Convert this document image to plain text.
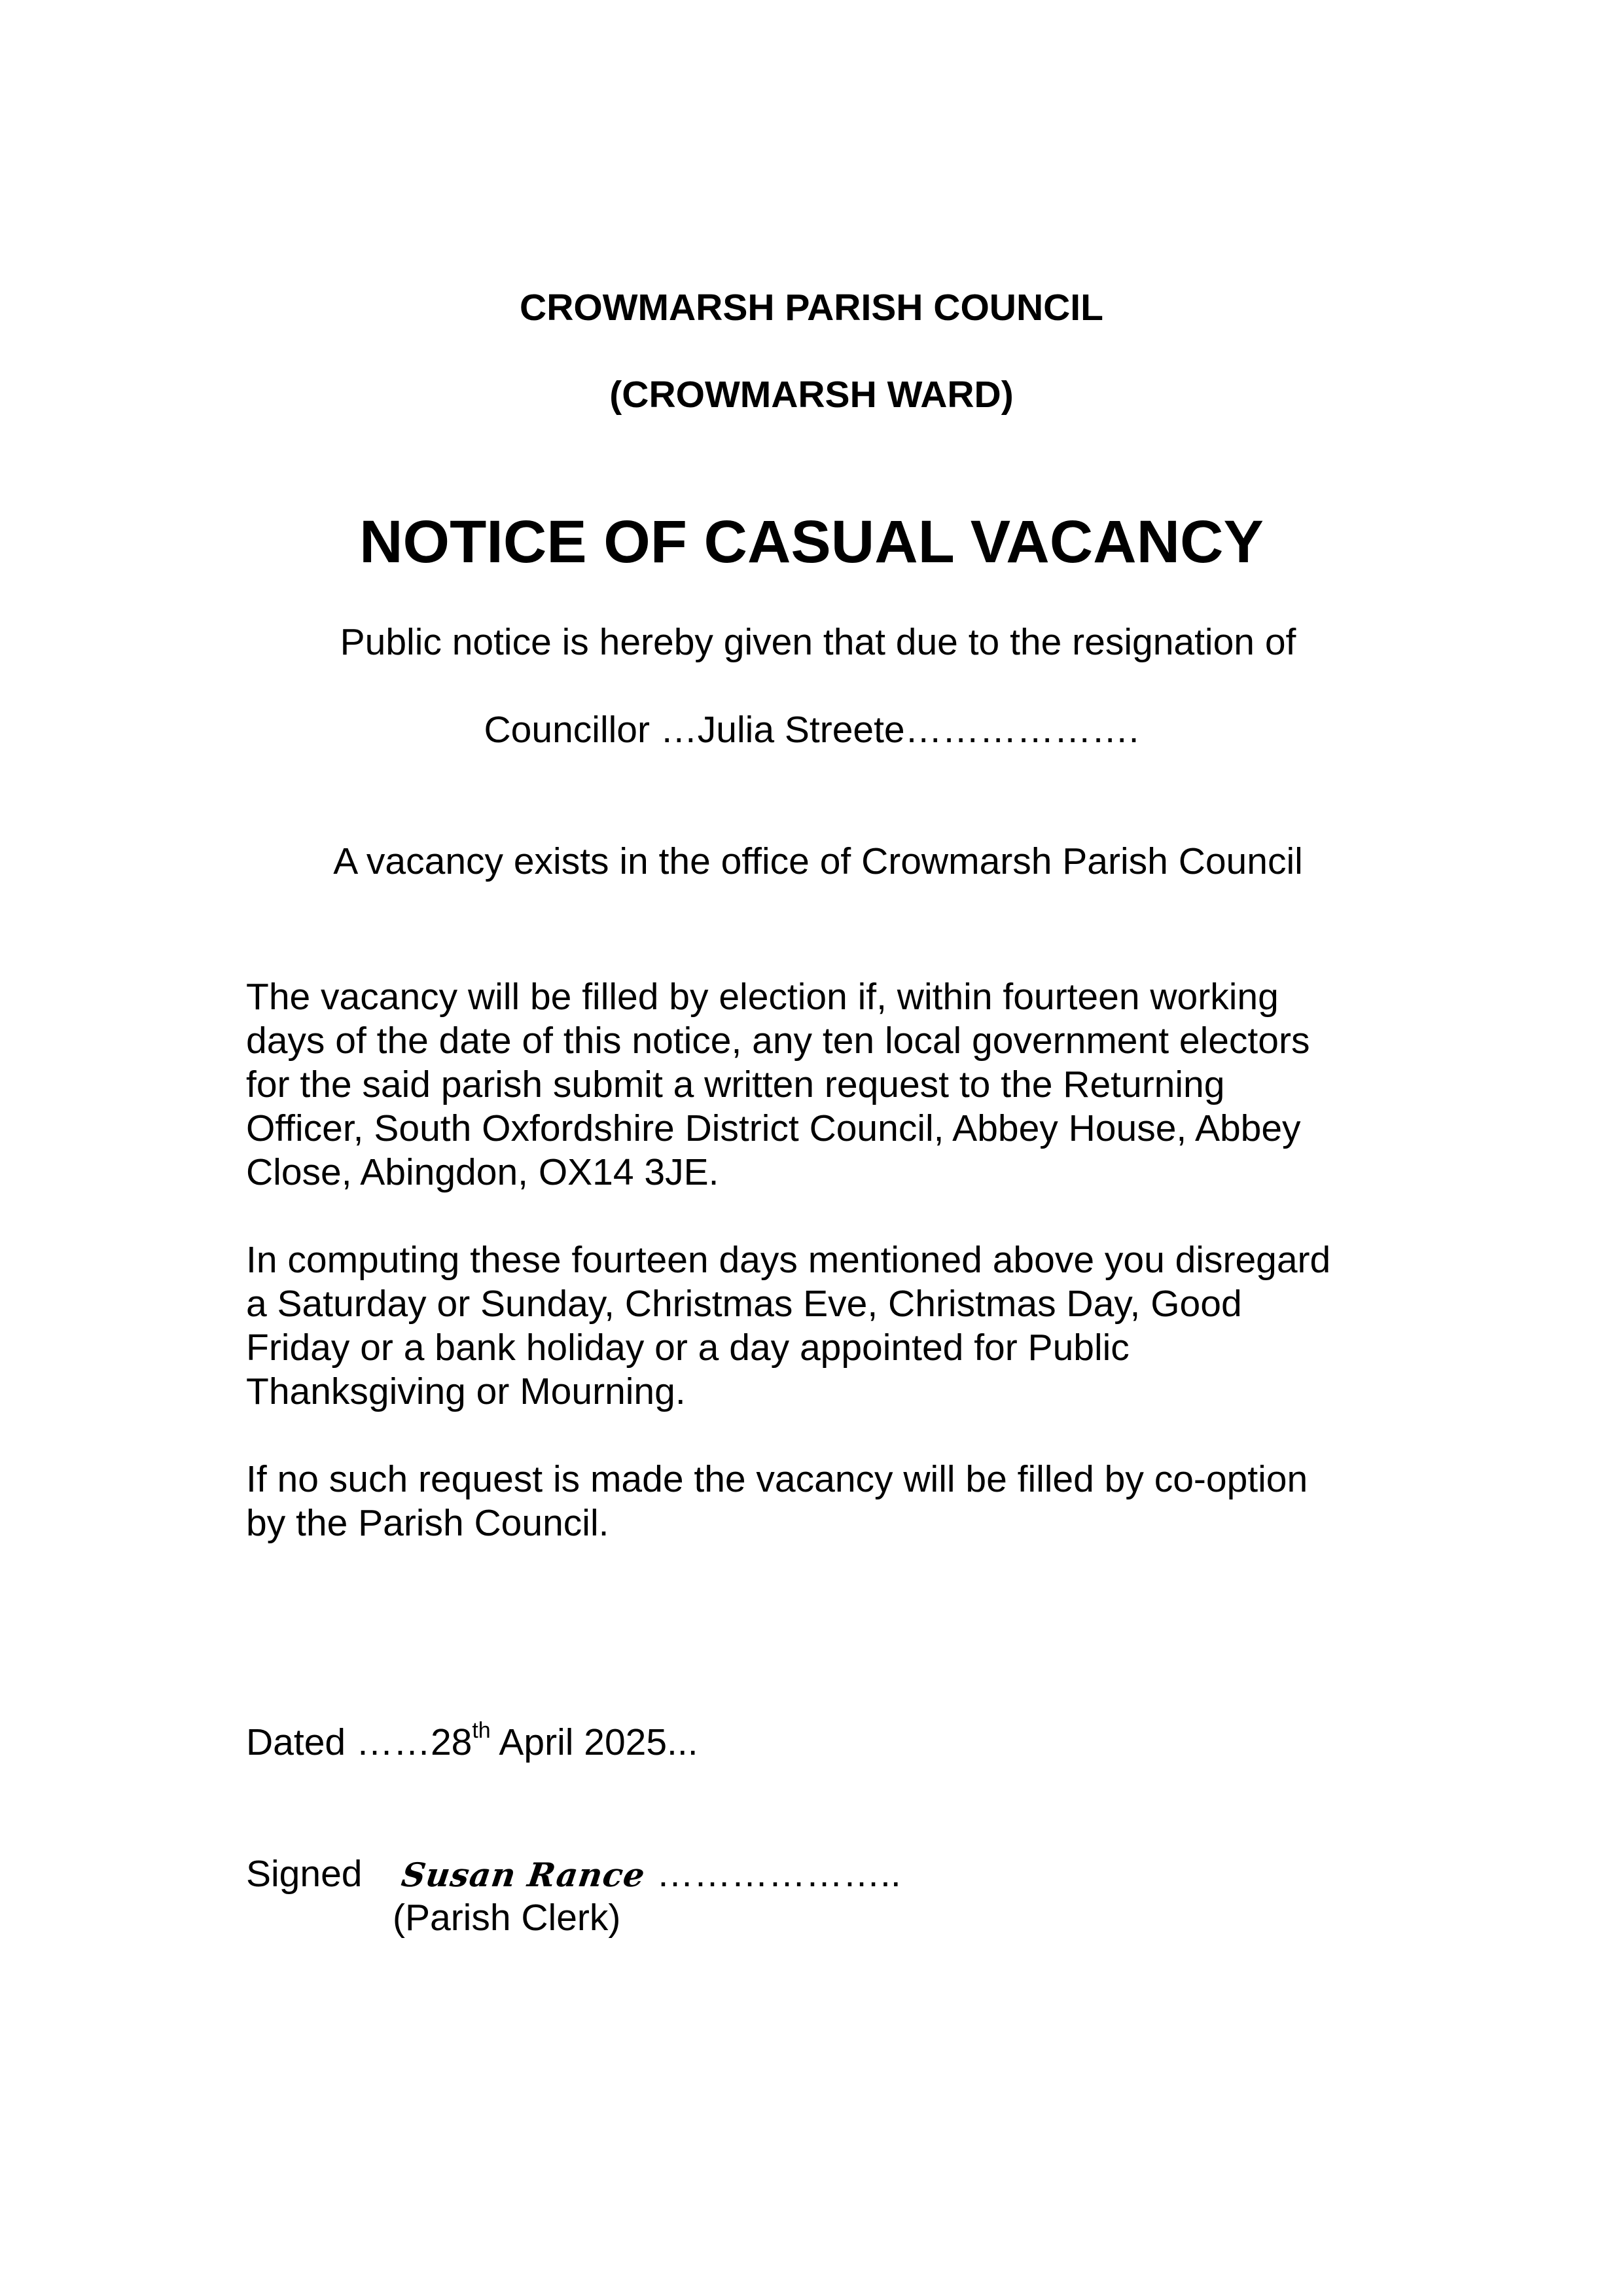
CROWMARSH PARISH COUNCIL
(CROWMARSH WARD)
NOTICE OF CASUAL VACANCY
Public notice is hereby given that due to the resignation of
Councillor …Julia Streete……………….
A vacancy exists in the office of Crowmarsh Parish Council
The vacancy will be filled by election if, within fourteen working
days of the date of this notice, any ten local government electors
for the said parish submit a written request to the Returning
Officer, South Oxfordshire District Council, Abbey House, Abbey
Close, Abingdon, OX14 3JE.
In computing these fourteen days mentioned above you disregard
a Saturday or Sunday, Christmas Eve, Christmas Day, Good
Friday or a bank holiday or a day appointed for Public
Thanksgiving or Mourning.
If no such request is made the vacancy will be filled by co-option
by the Parish Council.
Dated ……28th April 2025...
Signed Susan Rance ………………..
(Parish Clerk)
